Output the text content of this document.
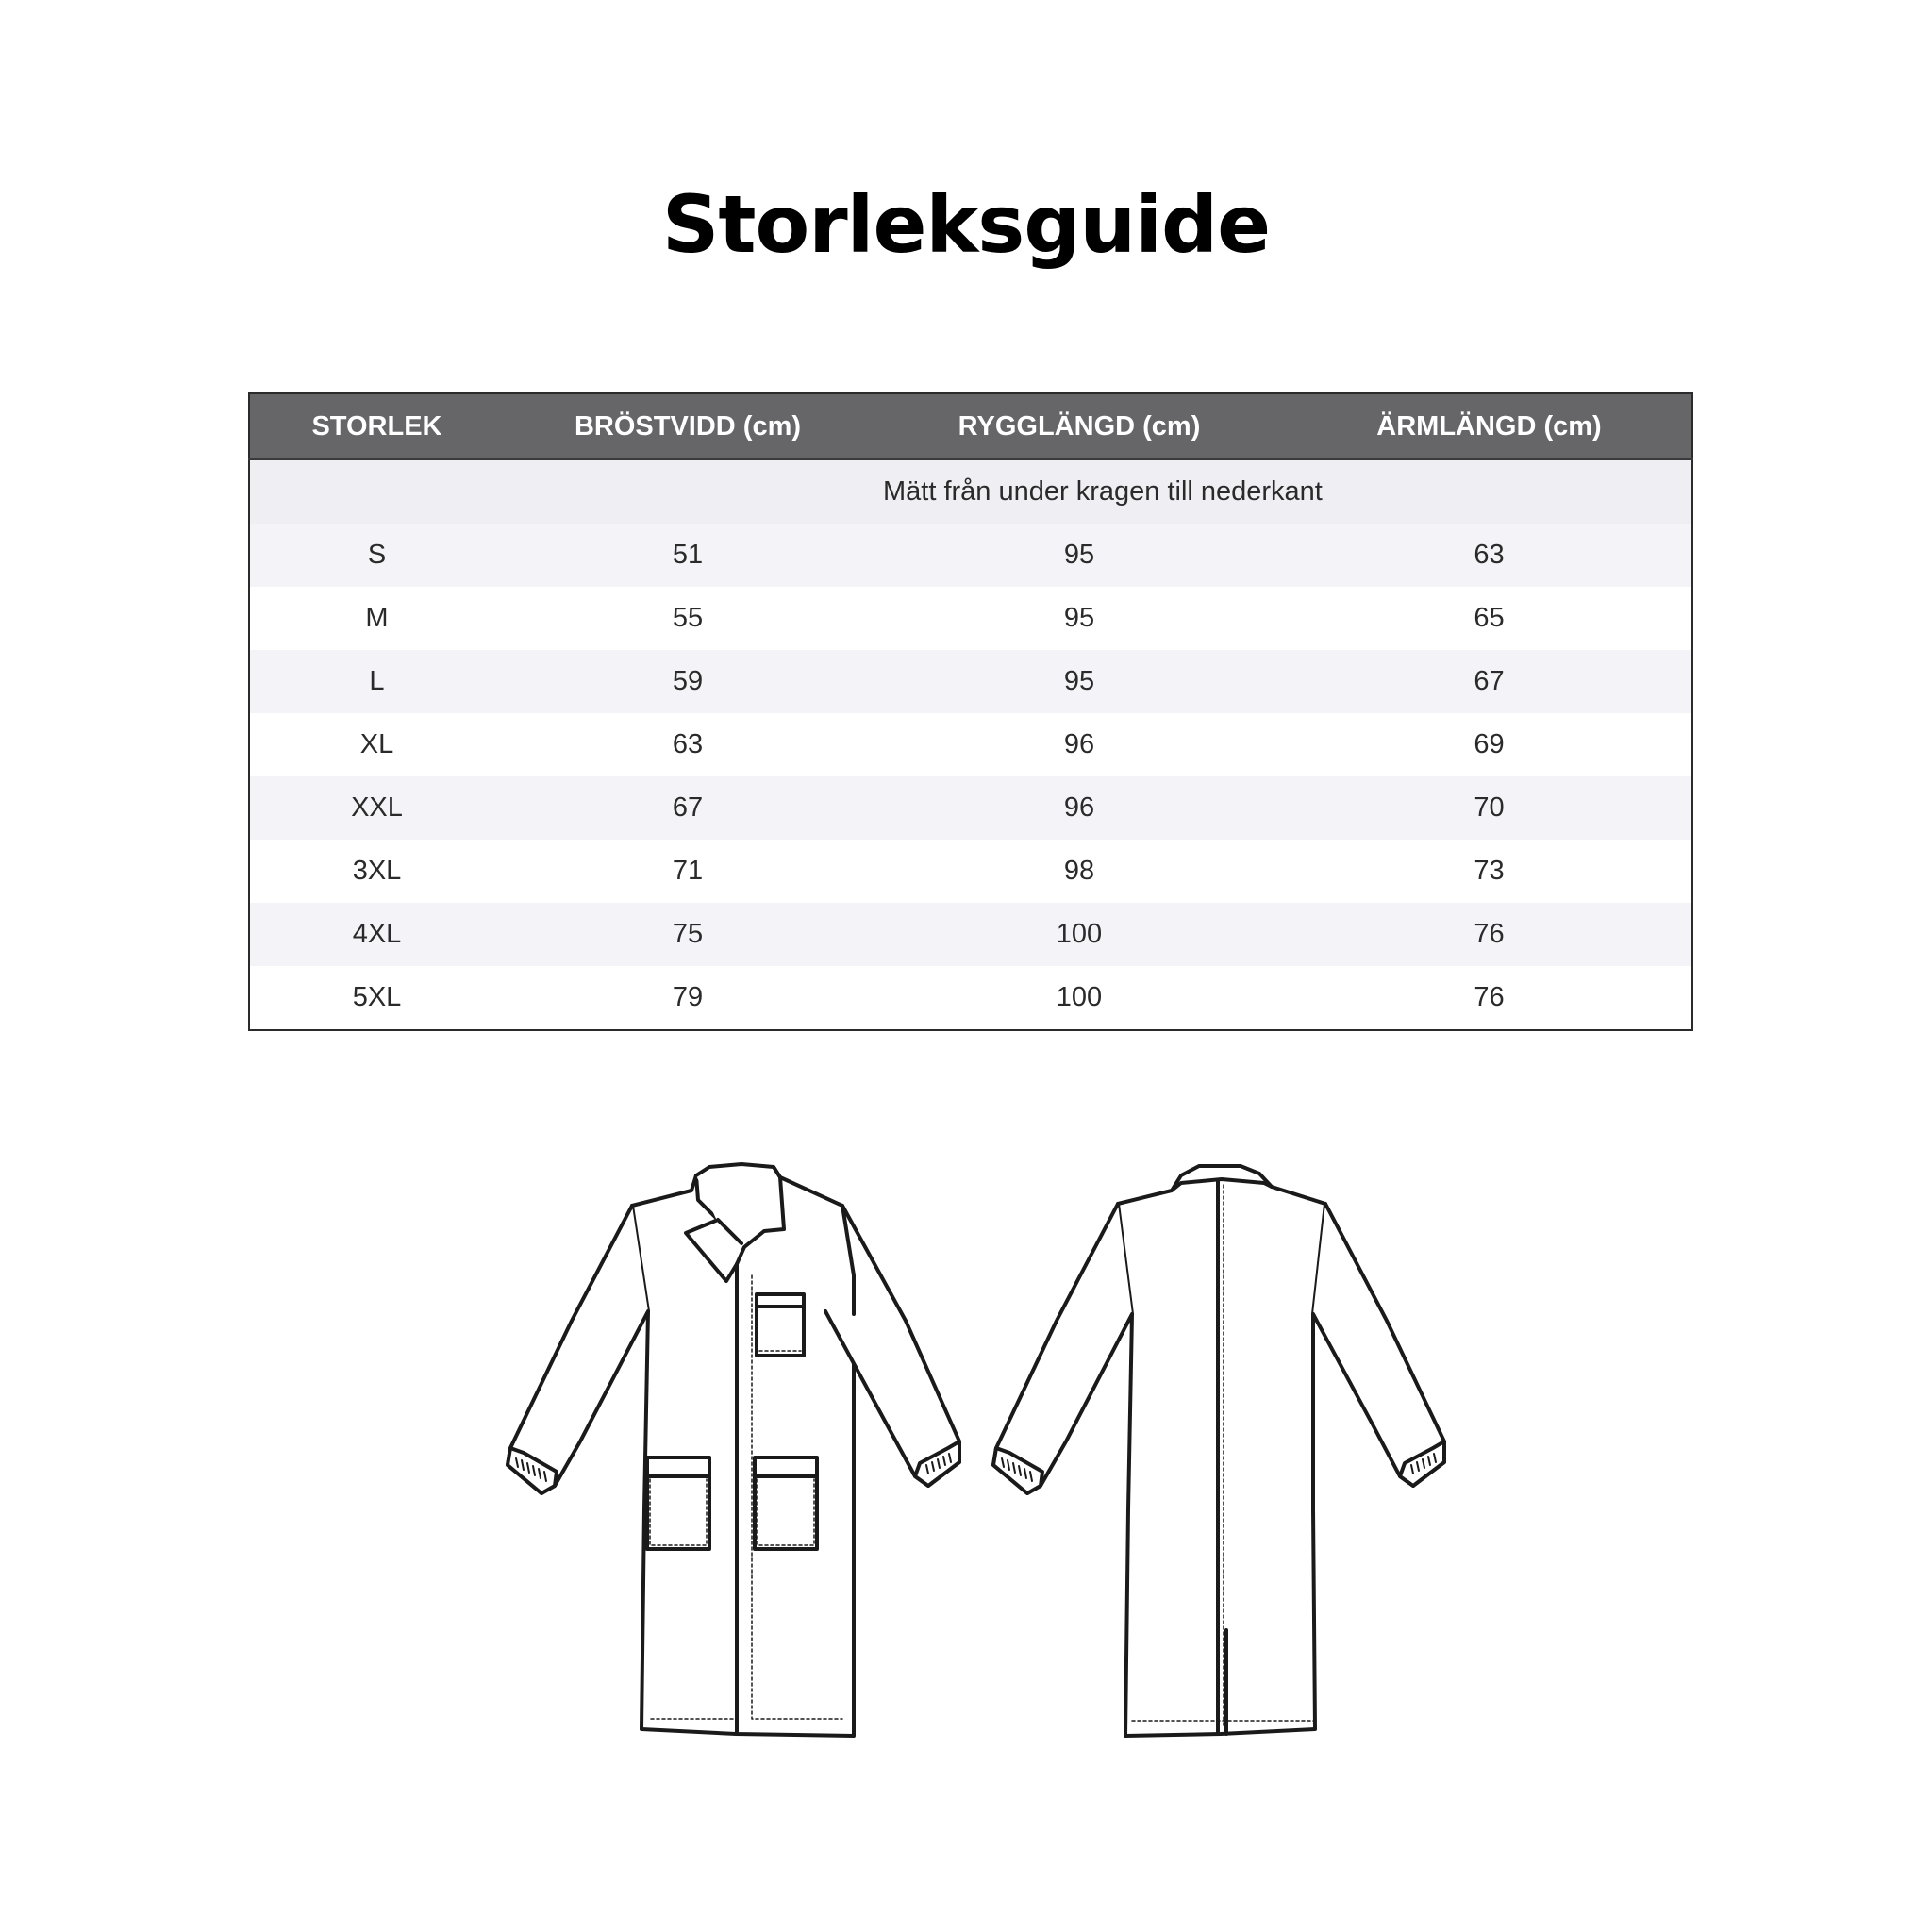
Storleksguide
STORLEK	BRÖSTVIDD (cm)	RYGGLÄNGD (cm)	ÄRMLÄNGD (cm)
Mätt från under kragen till nederkant			
S	51	95	63
M	55	95	65
L	59	95	67
XL	63	96	69
XXL	67	96	70
3XL	71	98	73
4XL	75	100	76
5XL	79	100	76
